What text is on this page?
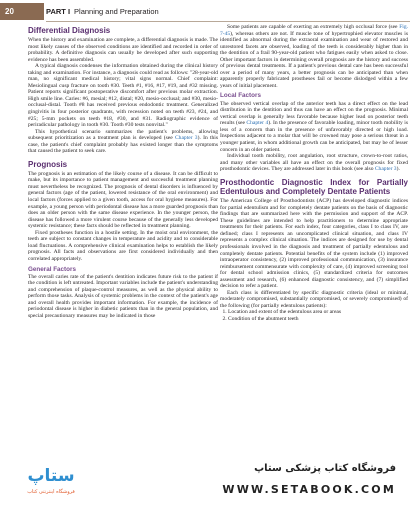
20	PART I Planning and Preparation
Differential Diagnosis

When the history and examination are complete, a differential diagnosis is made. The most likely causes of the observed conditions are identified and recorded in order of probability. A definitive diagnosis can usually be developed after such supporting evidence has been assembled.

A typical diagnosis condenses the information obtained during the clinical history taking and examination. For instance, a diagnosis could read as follows: "28-year-old man, no significant medical history; vital signs normal. Chief complaint: Mesiolingual cusp fracture on tooth #30. Teeth #1, #16, #17, #19, and #32 missing. Patient reports significant postoperative discomfort after previous molar extraction. High smile line. Caries: #6, mesial; #12, distal; #20, mesio-occlusal; and #30, mesio-occlusal-distal. Tooth #8 has received previous endodontic treatment. Generalized gingivitis in four posterior quadrants, with recession noted on teeth #23, #24, and #25; 5-mm pockets on teeth #18, #30, and #31. Radiographic evidence of periradicular pathology in tooth #30. Tooth #30 tests nonvital."

This hypothetical scenario summarizes the patient's problems, allowing subsequent prioritization as a treatment plan is developed (see Chapter 3). In this case, the patient's chief complaint probably has existed longer than the symptoms that caused the patient to seek care.

Prognosis

The prognosis is an estimation of the likely course of a disease. It can be difficult to make, but its importance to patient management and successful treatment planning must nevertheless be recognized. The prognosis of dental disorders is influenced by general factors (age of the patient, lowered resistance of the oral environment) and local factors (forces applied to a given tooth, access for oral hygiene measures). For example, a young person with periodontal disease has a more guarded prognosis than does an older person with the same disease experience. In the younger person, the disease has followed a more virulent course because of the generally less developed systemic resistance; these facts should be reflected in treatment planning.

Fixed prostheses function in a hostile setting. In the moist oral environment, the teeth are subject to constant changes in temperature and acidity and to considerable load fluctuations. A comprehensive clinical examination helps to establish the likely prognosis. All facts and observations are first considered individually and then correlated appropriately.

General Factors

The overall caries rate of the patient's dentition indicates future risk to the patient if the condition is left untreated. Important variables include the patient's understanding and comprehension of plaque-control measures, as well as the physical ability to perform those tasks. Analysis of systemic problems in the context of the patient's age and overall health provides important information. For example, the incidence of periodontal disease is higher in diabetic patients than in the general population, and special precautionary measures may be indicated in those

Some patients are capable of exerting an extremely high occlusal force (see Fig. 7-45), whereas others are not. If muscle tone of hypertrophied elevator muscles is identified as abnormal during the extraoral examination and wear of restored and unrestored facets are observed, loading of the teeth is considerably higher than in the dentition of a frail 90-year-old patient who fatigues easily when asked to close. Other important factors in determining overall prognosis are the history and success of previous dental treatments. If a patient's previous dental care has been successful over a period of many years, a better prognosis can be anticipated than when apparently properly fabricated prostheses fail or become dislodged within a few years of initial placement.

Local Factors

The observed vertical overlap of the anterior teeth has a direct effect on the lead distribution in the dentition and thus can have an effect on the prognosis. Minimal vertical overlap is generally less favorable because higher lead on posterior teeth results (see Chapter 4). In the presence of favorable loading, minor tooth mobility is less of a concern than in the presence of unfavorably directed or high load. Inspections adjacent to a molar that will be crowned may pose a serious threat in a younger patient, in whom additional growth can be anticipated, but may be of lesser concern in an older patient.

Individual tooth mobility, root angulation, root structure, crown-to-root ratios, and many other variables all have an effect on the overall prognosis for fixed prosthodontic devices. They are addressed later in this book (see also Chapter 3).

Prosthodontic Diagnostic Index for Partially Edentulous and Completely Dentate Patients

The American College of Prosthodontists (ACP) has developed diagnostic indices for partial edentulism and for completely dentate patients on the basis of diagnostic findings that are summarized here with the permission and support of the ACP. These guidelines are intended to help practitioners to determine appropriate treatments for their patients. For each index, four categories, class I to class IV, are defined; class I represents an uncomplicated clinical situation, and class IV represents a complex clinical situation. The indices are designed for use by dental professionals involved in the diagnosis and treatment of partially edentulous and completely dentate patients. Potential benefits of the system include (1) improved intraoperator consistency, (2) improved professional communication, (3) insurance reimbursement commensurate with complexity of care, (4) improved screening tool for dental school admission clinics, (5) standardized criteria for outcomes assessment and research, (6) enhanced diagnostic consistency, and (7) simplified decision to refer a patient.

Each class is differentiated by specific diagnostic criteria (ideal or minimal, moderately compromised, substantially compromised, or severely compromised) of the following (for partially edentulous patients):

1. Location and extent of the edentulous area or areas
2. Condition of the abutment teeth
ستاپ
فروشگاه اینترنتی کتاب
فروشگاه کتاب پزشکی ستاپ
WWW.SETABOOK.COM
